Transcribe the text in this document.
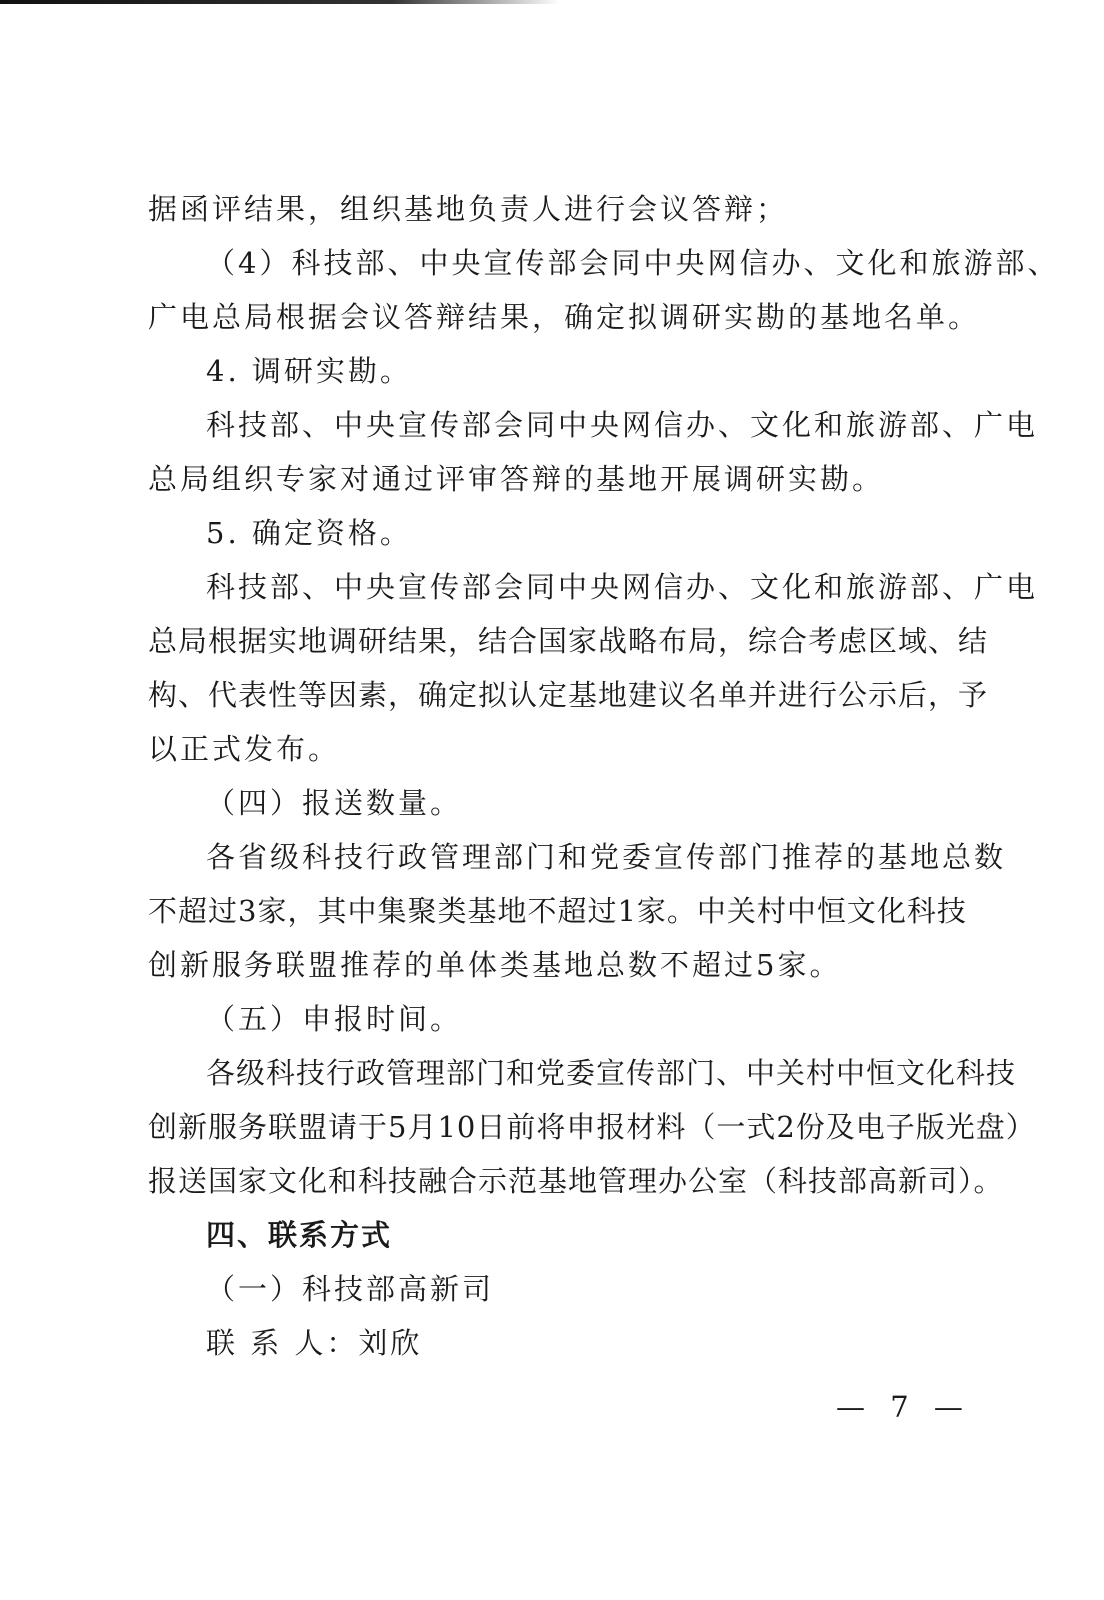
据函评结果，组织基地负责人进行会议答辩；
（4）科技部、中央宣传部会同中央网信办、文化和旅游部、
广电总局根据会议答辩结果，确定拟调研实勘的基地名单。
4. 调研实勘。
科技部、中央宣传部会同中央网信办、文化和旅游部、广电
总局组织专家对通过评审答辩的基地开展调研实勘。
5. 确定资格。
科技部、中央宣传部会同中央网信办、文化和旅游部、广电
总局根据实地调研结果，结合国家战略布局，综合考虑区域、结
构、代表性等因素，确定拟认定基地建议名单并进行公示后，予
以正式发布。
（四）报送数量。
各省级科技行政管理部门和党委宣传部门推荐的基地总数
不超过3家，其中集聚类基地不超过1家。中关村中恒文化科技
创新服务联盟推荐的单体类基地总数不超过5家。
（五）申报时间。
各级科技行政管理部门和党委宣传部门、中关村中恒文化科技
创新服务联盟请于5月10日前将申报材料（一式2份及电子版光盘）
报送国家文化和科技融合示范基地管理办公室（科技部高新司）。
四、联系方式
（一）科技部高新司
联 系 人：刘欣
— 7 —
